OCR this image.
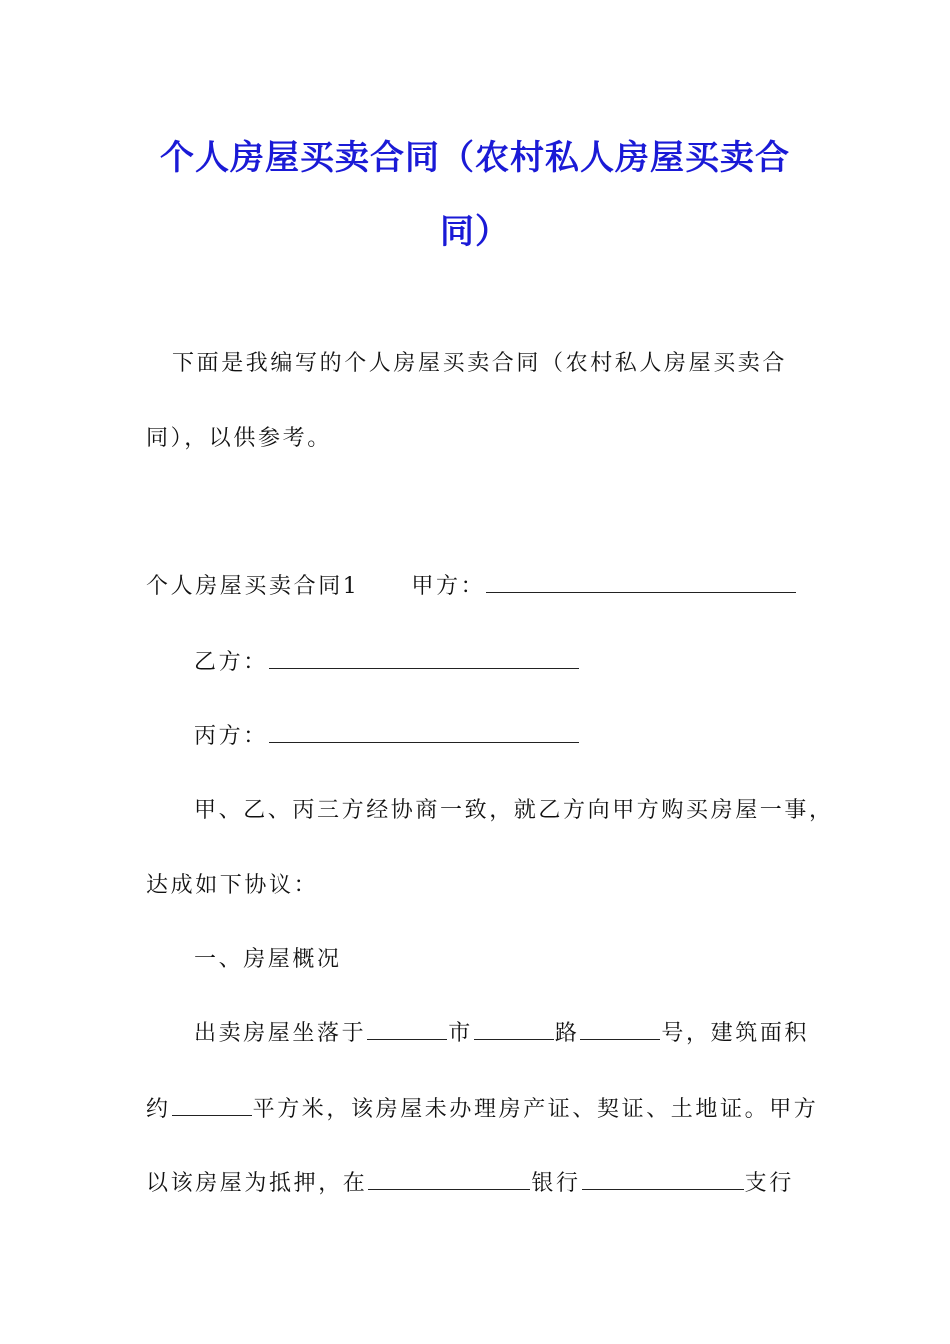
个人房屋买卖合同（农村私人房屋买卖合
同）

下面是我编写的个人房屋买卖合同（农村私人房屋买卖合

同），以供参考。

个人房屋买卖合同1 甲方：

乙方：

丙方：

甲、乙、丙三方经协商一致，就乙方向甲方购买房屋一事，

达成如下协议：

一、房屋概况

出卖房屋坐落于	市	路	号，建筑面积

约	平方米，该房屋未办理房产证、契证、土地证。甲方

以该房屋为抵押，在	银行	支行
